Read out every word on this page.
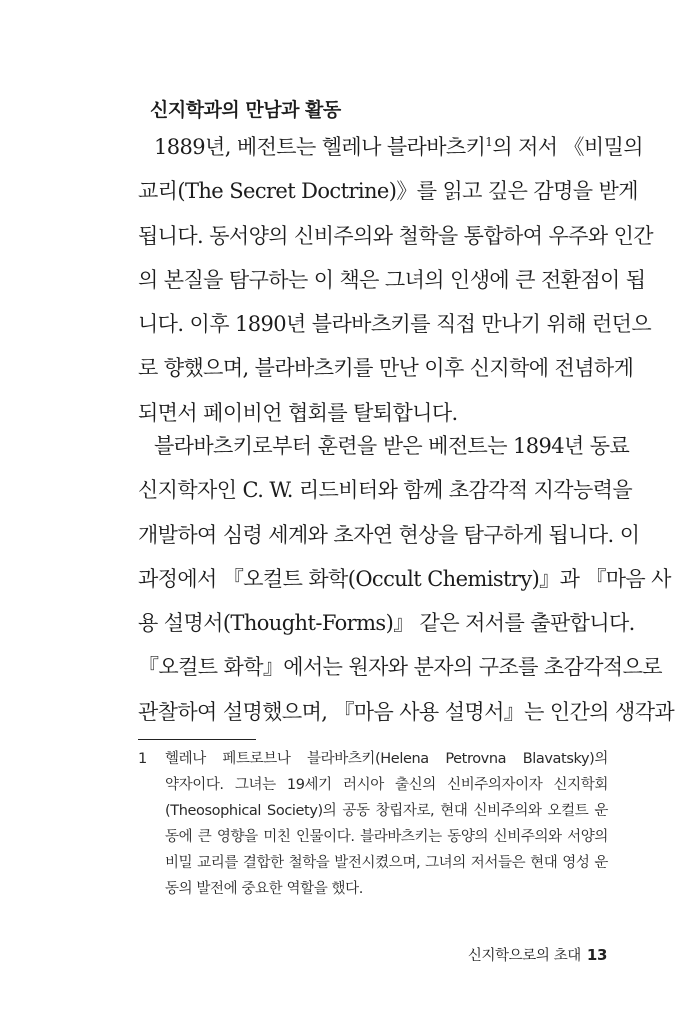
신지학과의 만남과 활동
1889년, 베전트는 헬레나 블라바츠키$^1$의 저서 《비밀의
교리(The Secret Doctrine)》를 읽고 깊은 감명을 받게
됩니다. 동서양의 신비주의와 철학을 통합하여 우주와 인간
의 본질을 탐구하는 이 책은 그녀의 인생에 큰 전환점이 됩
니다. 이후 1890년 블라바츠키를 직접 만나기 위해 런던으
로 향했으며, 블라바츠키를 만난 이후 신지학에 전념하게
되면서 페이비언 협회를 탈퇴합니다.
블라바츠키로부터 훈련을 받은 베전트는 1894년 동료
신지학자인 C. W. 리드비터와 함께 초감각적 지각능력을
개발하여 심령 세계와 초자연 현상을 탐구하게 됩니다. 이
과정에서 『오컬트 화학(Occult Chemistry)』과 『마음 사
용 설명서(Thought-Forms)』 같은 저서를 출판합니다.
『오컬트 화학』에서는 원자와 분자의 구조를 초감각적으로
관찰하여 설명했으며, 『마음 사용 설명서』는 인간의 생각과
1 헬레나 페트로브나 블라바츠키(Helena Petrovna Blavatsky)의
약자이다. 그녀는 19세기 러시아 출신의 신비주의자이자 신지학회
(Theosophical Society)의 공동 창립자로, 현대 신비주의와 오컬트 운
동에 큰 영향을 미친 인물이다. 블라바츠키는 동양의 신비주의와 서양의
비밀 교리를 결합한 철학을 발전시켰으며, 그녀의 저서들은 현대 영성 운
동의 발전에 중요한 역할을 했다.
신지학으로의 초대 13
